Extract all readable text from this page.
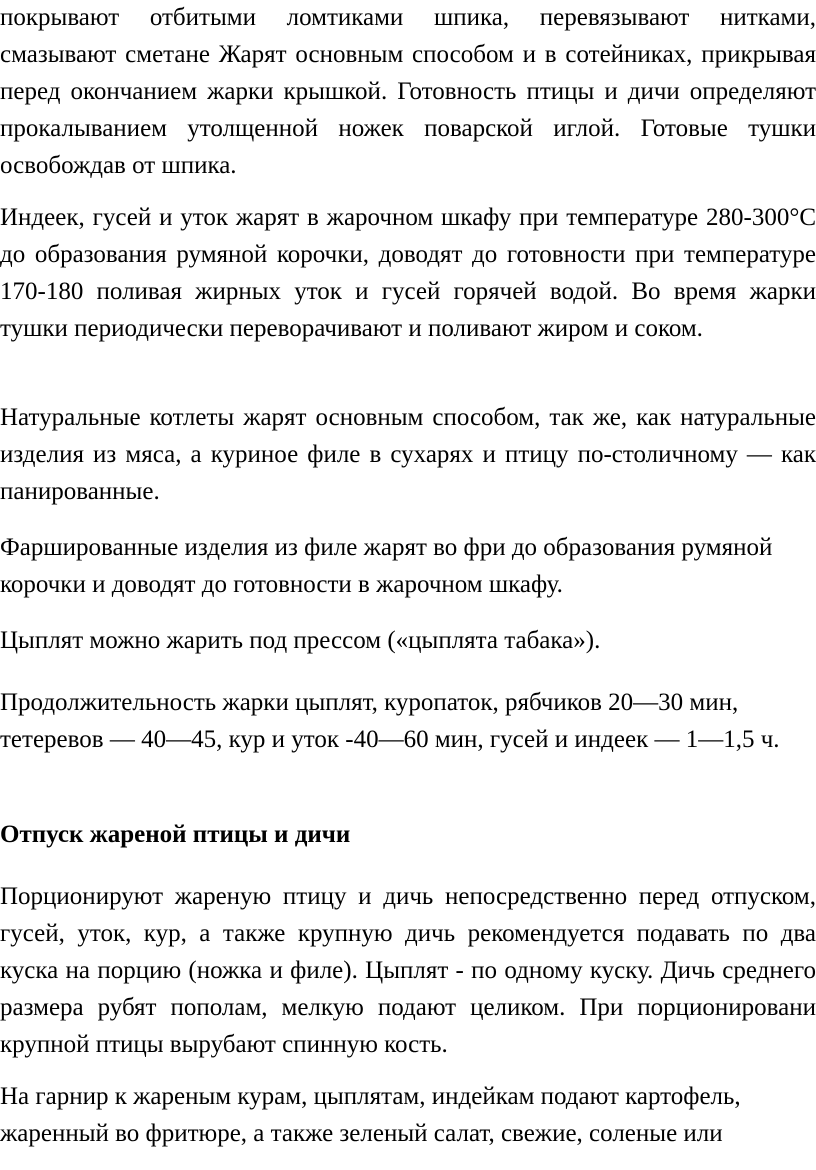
покрывают отбитыми ломтиками шпика, перевязывают нитками, смазывают сметане Жарят основным способом и в сотейниках, прикрывая перед окончанием жарки крышкой. Готовность птицы и дичи определяют прокалыванием утолщенной ножек поварской иглой. Готовые тушки освобождав от шпика.

Индеек, гусей и уток жарят в жарочном шкафу при температуре 280-300°С до образования румяной корочки, доводят до готовности при температуре 170-180 поливая жирных уток и гусей горячей водой. Во время жарки тушки периодически переворачивают и поливают жиром и соком.

Натуральные котлеты жарят основным способом, так же, как натуральные изделия из мяса, а куриное филе в сухарях и птицу по-столичному — как панированные.

Фаршированные изделия из филе жарят во фри до образования румяной корочки и доводят до готовности в жарочном шкафу.

Цыплят можно жарить под прессом («цыплята табака»).

Продолжительность жарки цыплят, куропаток, рябчиков 20—30 мин, тетеревов — 40—45, кур и уток -40—60 мин, гусей и индеек — 1—1,5 ч.

Отпуск жареной птицы и дичи

Порционируют жареную птицу и дичь непосредственно перед отпуском, гусей, уток, кур, а также крупную дичь рекомендуется подавать по два куска на порцию (ножка и филе). Цыплят - по одному куску. Дичь среднего размера рубят пополам, мелкую подают целиком. При порционировани крупной птицы вырубают спинную кость.

На гарнир к жареным курам, цыплятам, индейкам подают картофель, жаренный во фритюре, а также зеленый салат, свежие, соленые или
